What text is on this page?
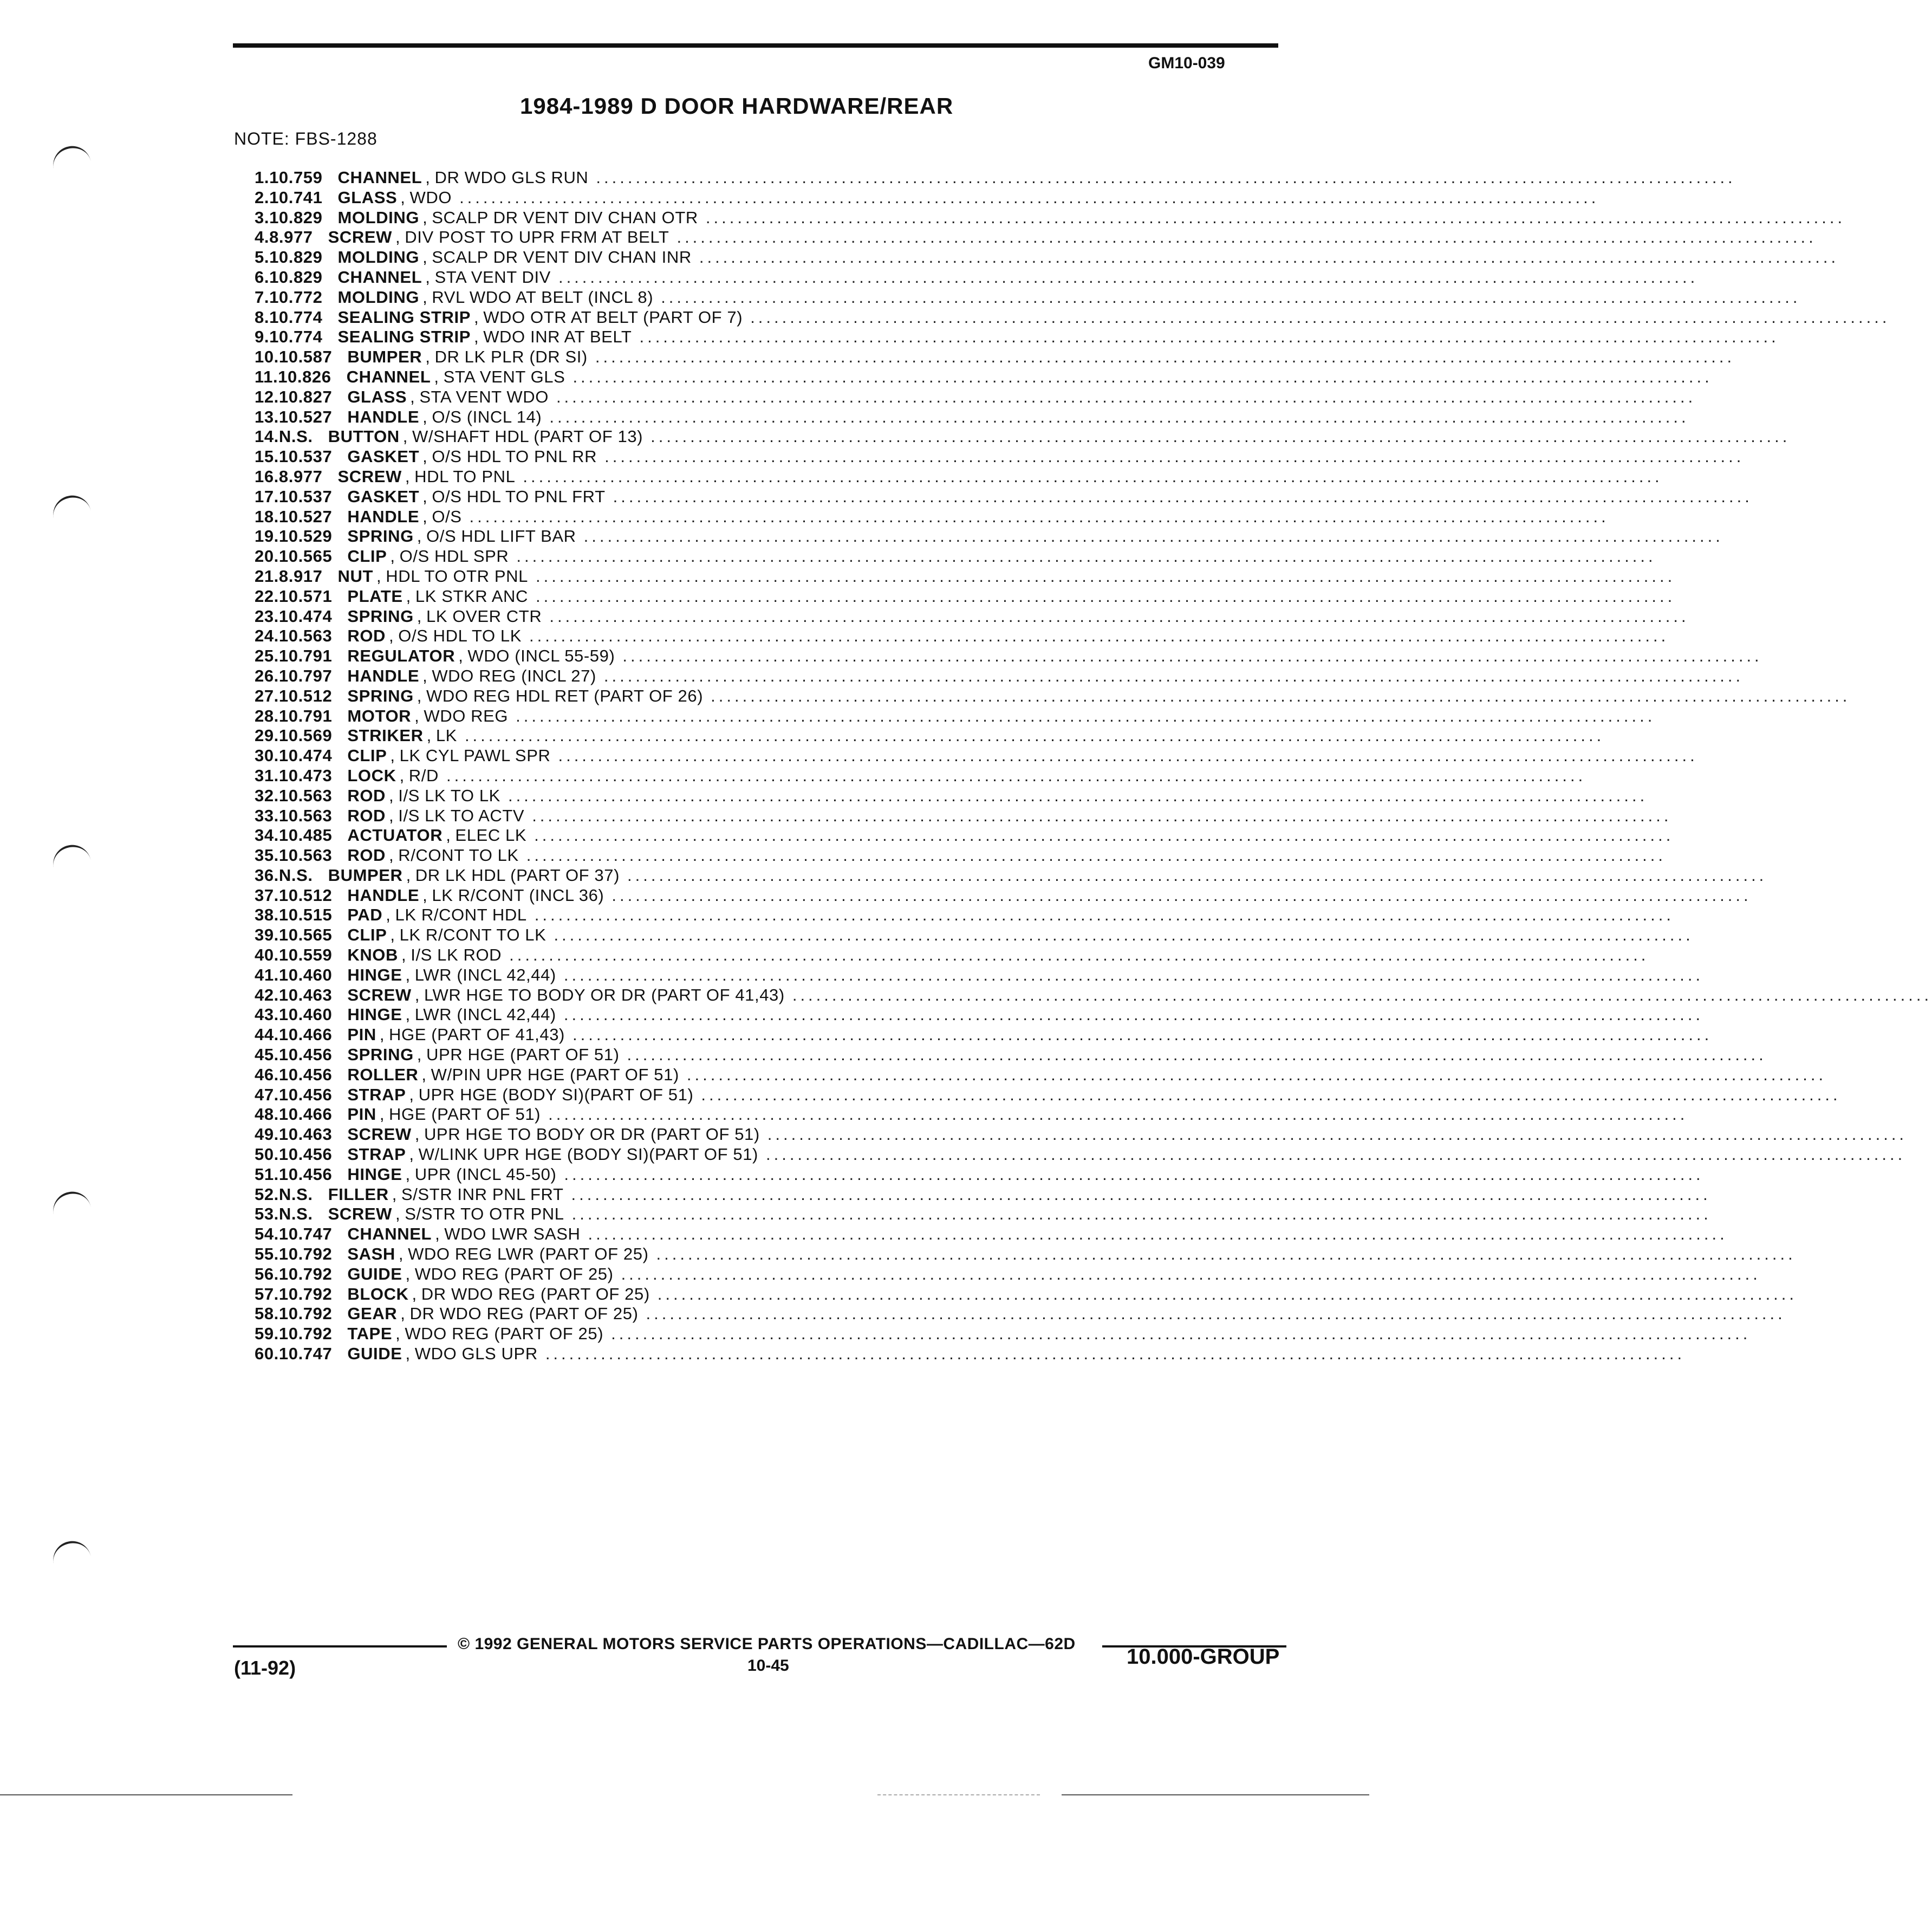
GM10-039
1984-1989 D DOOR HARDWARE/REAR
NOTE: FBS-1288
1. 10.759 CHANNEL , DR WDO GLS RUN ................................................................................................................................................
2. 10.741 GLASS , WDO ................................................................................................................................................
3. 10.829 MOLDING , SCALP DR VENT DIV CHAN OTR ................................................................................................................................................
4. 8.977 SCREW , DIV POST TO UPR FRM AT BELT ................................................................................................................................................
5. 10.829 MOLDING , SCALP DR VENT DIV CHAN INR ................................................................................................................................................
6. 10.829 CHANNEL , STA VENT DIV ................................................................................................................................................
7. 10.772 MOLDING , RVL WDO AT BELT (INCL 8) ................................................................................................................................................
8. 10.774 SEALING STRIP , WDO OTR AT BELT (PART OF 7) ................................................................................................................................................
9. 10.774 SEALING STRIP , WDO INR AT BELT ................................................................................................................................................
10. 10.587 BUMPER , DR LK PLR (DR SI) ................................................................................................................................................
11. 10.826 CHANNEL , STA VENT GLS ................................................................................................................................................
12. 10.827 GLASS , STA VENT WDO ................................................................................................................................................
13. 10.527 HANDLE , O/S (INCL 14) ................................................................................................................................................
14. N.S. BUTTON , W/SHAFT HDL (PART OF 13) ................................................................................................................................................
15. 10.537 GASKET , O/S HDL TO PNL RR ................................................................................................................................................
16. 8.977 SCREW , HDL TO PNL ................................................................................................................................................
17. 10.537 GASKET , O/S HDL TO PNL FRT ................................................................................................................................................
18. 10.527 HANDLE , O/S ................................................................................................................................................
19. 10.529 SPRING , O/S HDL LIFT BAR ................................................................................................................................................
20. 10.565 CLIP , O/S HDL SPR ................................................................................................................................................
21. 8.917 NUT , HDL TO OTR PNL ................................................................................................................................................
22. 10.571 PLATE , LK STKR ANC ................................................................................................................................................
23. 10.474 SPRING , LK OVER CTR ................................................................................................................................................
24. 10.563 ROD , O/S HDL TO LK ................................................................................................................................................
25. 10.791 REGULATOR , WDO (INCL 55-59) ................................................................................................................................................
26. 10.797 HANDLE , WDO REG (INCL 27) ................................................................................................................................................
27. 10.512 SPRING , WDO REG HDL RET (PART OF 26) ................................................................................................................................................
28. 10.791 MOTOR , WDO REG ................................................................................................................................................
29. 10.569 STRIKER , LK ................................................................................................................................................
30. 10.474 CLIP , LK CYL PAWL SPR ................................................................................................................................................
31. 10.473 LOCK , R/D ................................................................................................................................................
32. 10.563 ROD , I/S LK TO LK ................................................................................................................................................
33. 10.563 ROD , I/S LK TO ACTV ................................................................................................................................................
34. 10.485 ACTUATOR , ELEC LK ................................................................................................................................................
35. 10.563 ROD , R/CONT TO LK ................................................................................................................................................
36. N.S. BUMPER , DR LK HDL (PART OF 37) ................................................................................................................................................
37. 10.512 HANDLE , LK R/CONT (INCL 36) ................................................................................................................................................
38. 10.515 PAD , LK R/CONT HDL ................................................................................................................................................
39. 10.565 CLIP , LK R/CONT TO LK ................................................................................................................................................
40. 10.559 KNOB , I/S LK ROD ................................................................................................................................................
41. 10.460 HINGE , LWR (INCL 42,44) ................................................................................................................................................
42. 10.463 SCREW , LWR HGE TO BODY OR DR (PART OF 41,43) ................................................................................................................................................
43. 10.460 HINGE , LWR (INCL 42,44) ................................................................................................................................................
44. 10.466 PIN , HGE (PART OF 41,43) ................................................................................................................................................
45. 10.456 SPRING , UPR HGE (PART OF 51) ................................................................................................................................................
46. 10.456 ROLLER , W/PIN UPR HGE (PART OF 51) ................................................................................................................................................
47. 10.456 STRAP , UPR HGE (BODY SI)(PART OF 51) ................................................................................................................................................
48. 10.466 PIN , HGE (PART OF 51) ................................................................................................................................................
49. 10.463 SCREW , UPR HGE TO BODY OR DR (PART OF 51) ................................................................................................................................................
50. 10.456 STRAP , W/LINK UPR HGE (BODY SI)(PART OF 51) ................................................................................................................................................
51. 10.456 HINGE , UPR (INCL 45-50) ................................................................................................................................................
52. N.S. FILLER , S/STR INR PNL FRT ................................................................................................................................................
53. N.S. SCREW , S/STR TO OTR PNL ................................................................................................................................................
54. 10.747 CHANNEL , WDO LWR SASH ................................................................................................................................................
55. 10.792 SASH , WDO REG LWR (PART OF 25) ................................................................................................................................................
56. 10.792 GUIDE , WDO REG (PART OF 25) ................................................................................................................................................
57. 10.792 BLOCK , DR WDO REG (PART OF 25) ................................................................................................................................................
58. 10.792 GEAR , DR WDO REG (PART OF 25) ................................................................................................................................................
59. 10.792 TAPE , WDO REG (PART OF 25) ................................................................................................................................................
60. 10.747 GUIDE , WDO GLS UPR ................................................................................................................................................
© 1992 GENERAL MOTORS SERVICE PARTS OPERATIONS—CADILLAC—62D
(11-92)	10-45	10.000-GROUP
